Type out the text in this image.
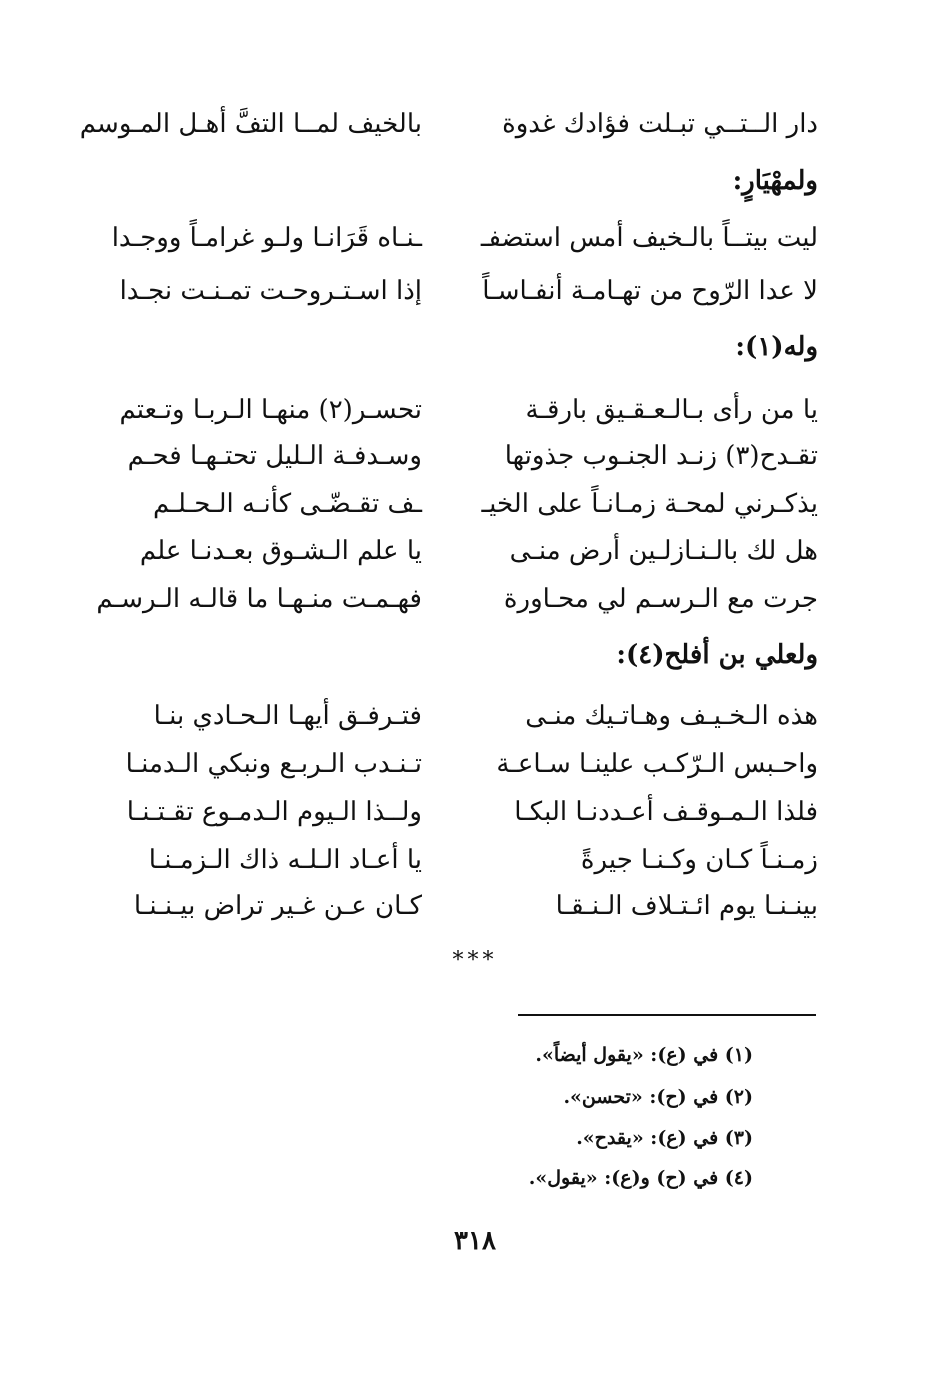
دار الــتــي تبـلت فؤادك غدوة
بالخيف لمــا التفَّ أهـل المـوسم
ولمهْيَارٍ:
ليت بيتــاً بالـخيف أمس استضفـ
ـنـاه قَرَانـا ولـو غرامـاً ووجـدا
لا عدا الرّوح من تهـامـة أنفـاسـاً
إذا اسـتـروحـت تمـنـت نجـدا
وله(١):
يا من رأى بـالـعـقـيق بارقـة
تحسـر(٢) منهـا الـربـا وتـعتم
تقـدح(٣) زنـد الجنـوب جذوتها
وسـدفـة الـليل تحتـهـا فحـم
يذكـرني لمحـة زمـانـاً على الخيـ
ـف تقـضّـى كأنـه الـحـلـم
هل لك بالـنـازلـين أرض منـى
يا علم الـشـوق بعـدنـا علم
جرت مع الـرسـم لي محـاورة
فهـمـت منـهـا ما قالـه الـرسـم
ولعلي بن أفلح(٤):
هذه الـخـيـف وهـاتـيك منـى
فتـرفـق أيهـا الـحـادي بنـا
واحـبس الـرّكـب علينـا سـاعـة
تـنـدب الـربـع ونبكي الـدمنـا
فلذا الـمـوقـف أعـددنـا البكـا
ولــذا الـيوم الـدمـوع تقـتـنـا
زمـنـاً كـان وكـنـا جيرةً
يا أعـاد الـلـه ذاك الـزمـنـا
بينـنـا يوم ائـتـلاف الـنـقـا
كـان عـن غـير تراض بيـنـنـا
***
(١) في (ع): «يقول أيضاً».
(٢) في (ح): «تحسن».
(٣) في (ع): «يقدح».
(٤) في (ح) و(ع): «يقول».
٣١٨
